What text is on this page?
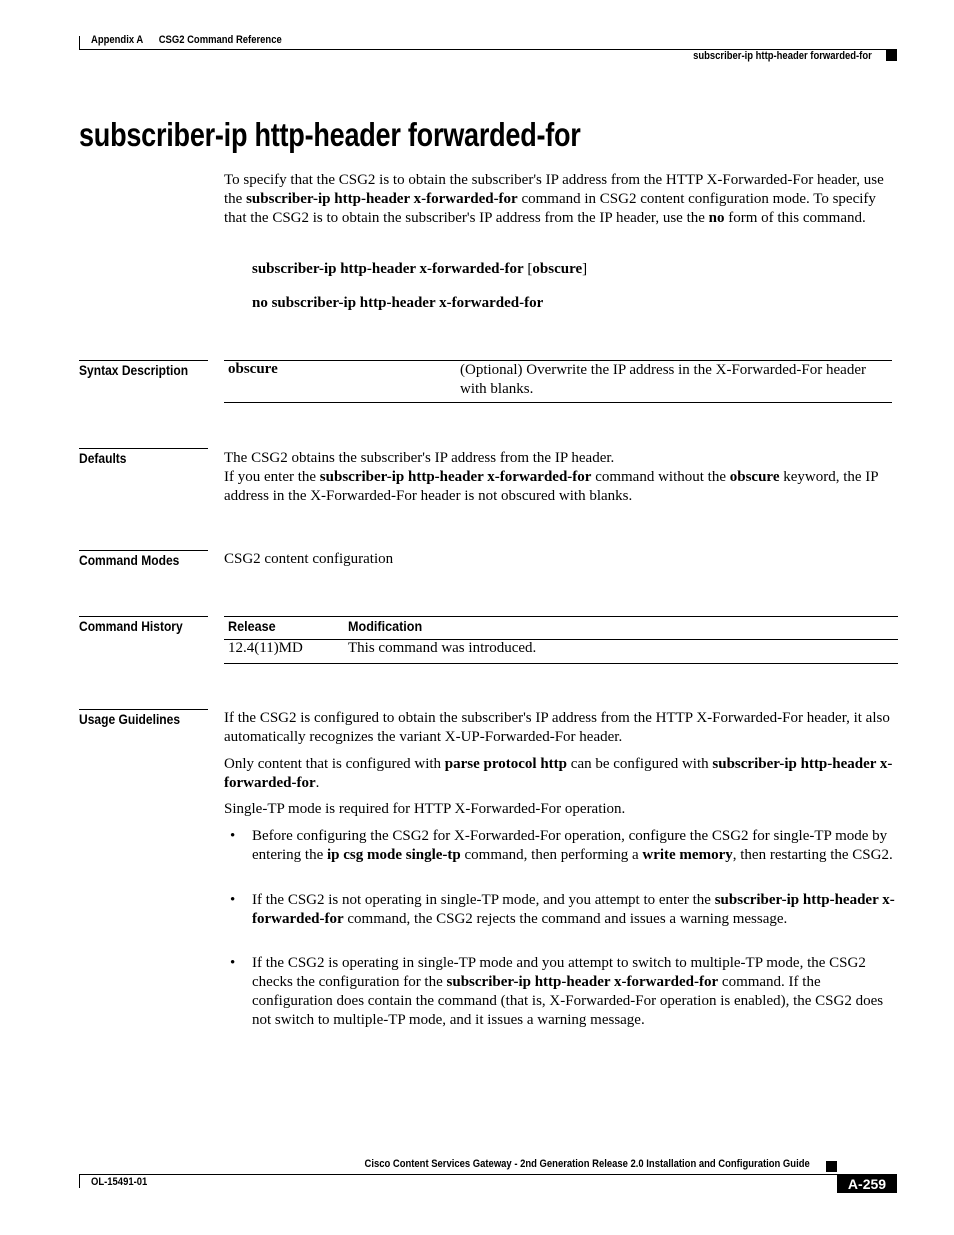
Appendix A CSG2 Command Reference
subscriber-ip http-header forwarded-for
subscriber-ip http-header forwarded-for
To specify that the CSG2 is to obtain the subscriber's IP address from the HTTP X-Forwarded-For header, use the subscriber-ip http-header x-forwarded-for command in CSG2 content configuration mode. To specify that the CSG2 is to obtain the subscriber's IP address from the IP header, use the no form of this command.
subscriber-ip http-header x-forwarded-for [obscure]
no subscriber-ip http-header x-forwarded-for
Syntax Description	obscure	(Optional) Overwrite the IP address in the X-Forwarded-For header with blanks.
Defaults	The CSG2 obtains the subscriber's IP address from the IP header.
If you enter the subscriber-ip http-header x-forwarded-for command without the obscure keyword, the IP address in the X-Forwarded-For header is not obscured with blanks.
Command Modes	CSG2 content configuration
Command History	Release	Modification
12.4(11)MD	This command was introduced.
Usage Guidelines	If the CSG2 is configured to obtain the subscriber's IP address from the HTTP X-Forwarded-For header, it also automatically recognizes the variant X-UP-Forwarded-For header.
Only content that is configured with parse protocol http can be configured with subscriber-ip http-header x-forwarded-for.
Single-TP mode is required for HTTP X-Forwarded-For operation.
• Before configuring the CSG2 for X-Forwarded-For operation, configure the CSG2 for single-TP mode by entering the ip csg mode single-tp command, then performing a write memory, then restarting the CSG2.
• If the CSG2 is not operating in single-TP mode, and you attempt to enter the subscriber-ip http-header x-forwarded-for command, the CSG2 rejects the command and issues a warning message.
• If the CSG2 is operating in single-TP mode and you attempt to switch to multiple-TP mode, the CSG2 checks the configuration for the subscriber-ip http-header x-forwarded-for command. If the configuration does contain the command (that is, X-Forwarded-For operation is enabled), the CSG2 does not switch to multiple-TP mode, and it issues a warning message.
Cisco Content Services Gateway - 2nd Generation Release 2.0 Installation and Configuration Guide
OL-15491-01	A-259
